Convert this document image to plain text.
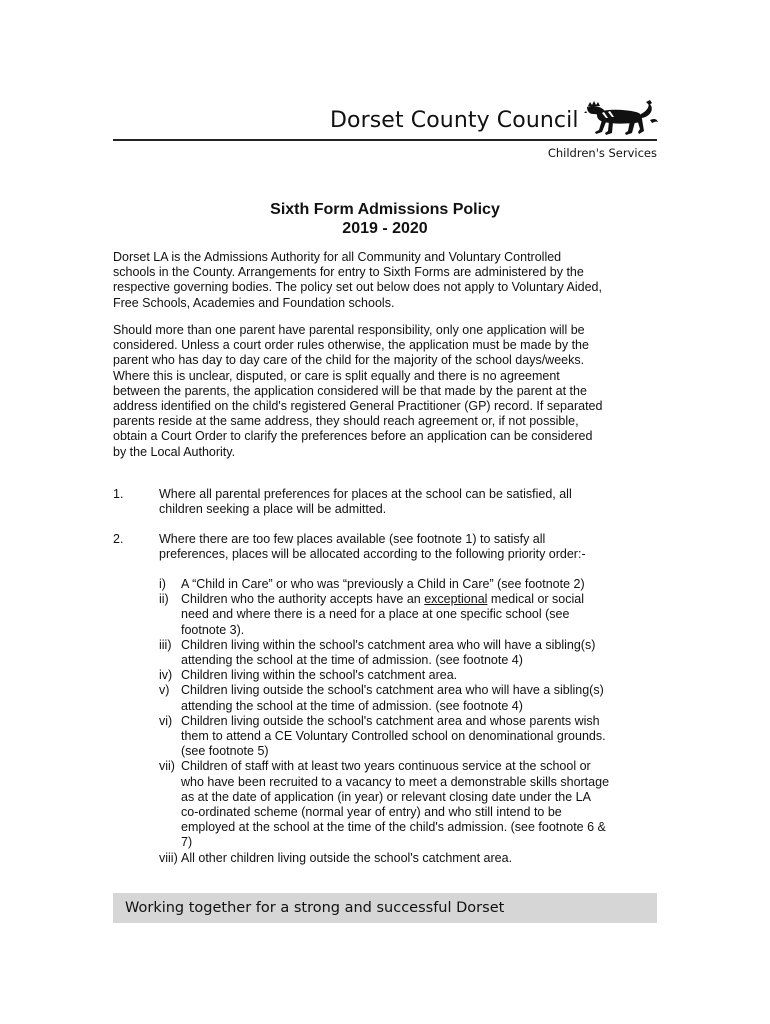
Dorset County Council
Children's Services
Sixth Form Admissions Policy
2019 - 2020
Dorset LA is the Admissions Authority for all Community and Voluntary Controlled
schools in the County. Arrangements for entry to Sixth Forms are administered by the
respective governing bodies. The policy set out below does not apply to Voluntary Aided,
Free Schools, Academies and Foundation schools.
Should more than one parent have parental responsibility, only one application will be
considered. Unless a court order rules otherwise, the application must be made by the
parent who has day to day care of the child for the majority of the school days/weeks.
Where this is unclear, disputed, or care is split equally and there is no agreement
between the parents, the application considered will be that made by the parent at the
address identified on the child's registered General Practitioner (GP) record. If separated
parents reside at the same address, they should reach agreement or, if not possible,
obtain a Court Order to clarify the preferences before an application can be considered
by the Local Authority.
1.	Where all parental preferences for places at the school can be satisfied, all
children seeking a place will be admitted.
2.	Where there are too few places available (see footnote 1) to satisfy all
preferences, places will be allocated according to the following priority order:-
i) A “Child in Care” or who was “previously a Child in Care” (see footnote 2)
ii) Children who the authority accepts have an exceptional medical or social
need and where there is a need for a place at one specific school (see
footnote 3).
iii) Children living within the school's catchment area who will have a sibling(s)
attending the school at the time of admission. (see footnote 4)
iv) Children living within the school's catchment area.
v) Children living outside the school's catchment area who will have a sibling(s)
attending the school at the time of admission. (see footnote 4)
vi) Children living outside the school's catchment area and whose parents wish
them to attend a CE Voluntary Controlled school on denominational grounds.
(see footnote 5)
vii) Children of staff with at least two years continuous service at the school or
who have been recruited to a vacancy to meet a demonstrable skills shortage
as at the date of application (in year) or relevant closing date under the LA
co-ordinated scheme (normal year of entry) and who still intend to be
employed at the school at the time of the child's admission. (see footnote 6 &
7)
viii) All other children living outside the school's catchment area.
Working together for a strong and successful Dorset
